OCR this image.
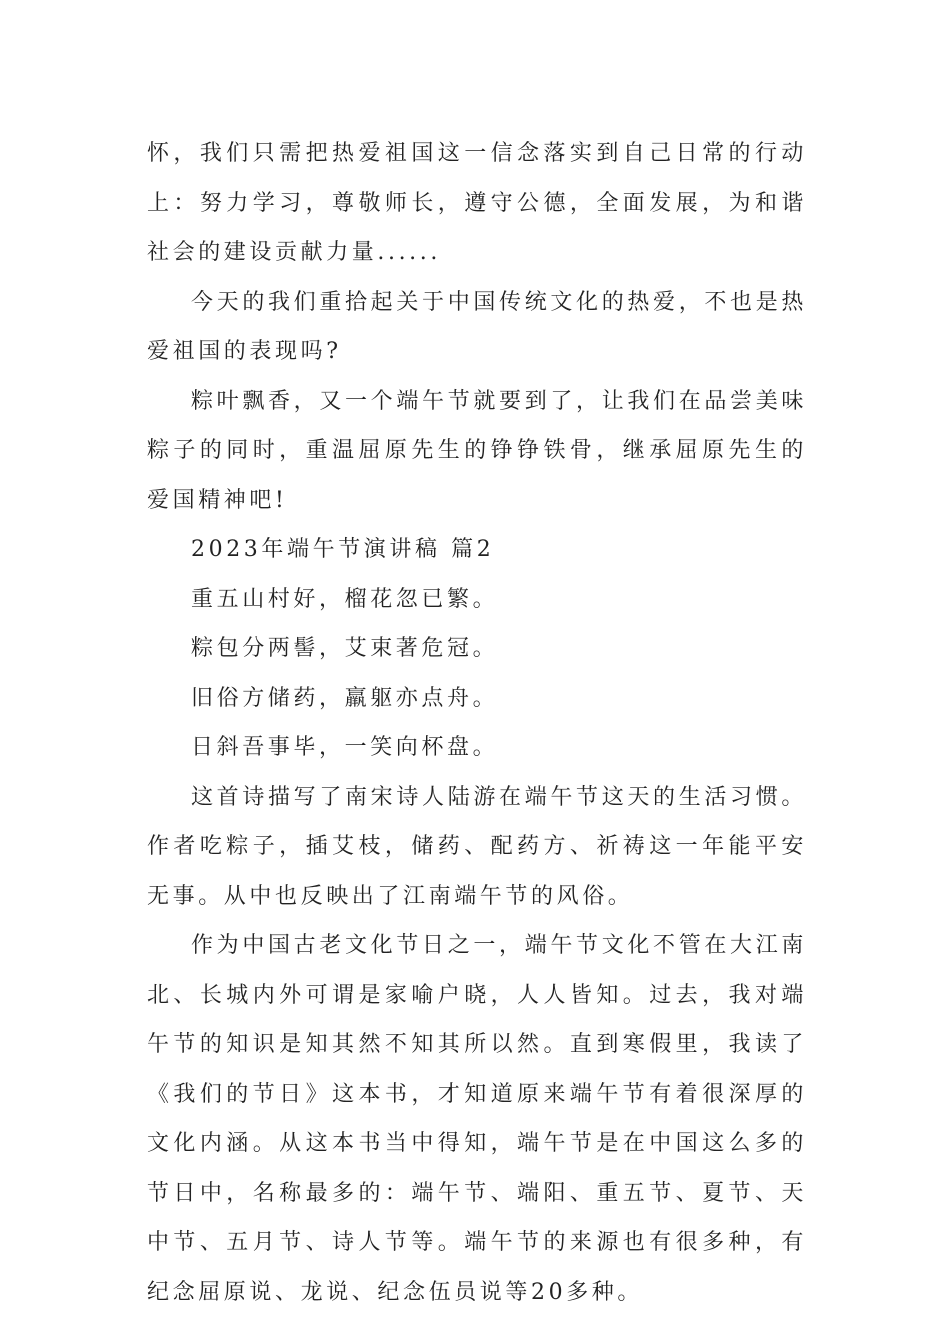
怀，我们只需把热爱祖国这一信念落实到自己日常的行动上：努力学习，尊敬师长，遵守公德，全面发展，为和谐社会的建设贡献力量......

今天的我们重拾起关于中国传统文化的热爱，不也是热爱祖国的表现吗?

粽叶飘香，又一个端午节就要到了，让我们在品尝美味粽子的同时，重温屈原先生的铮铮铁骨，继承屈原先生的爱国精神吧!

2023年端午节演讲稿 篇2

重五山村好，榴花忽已繁。

粽包分两髻，艾束著危冠。

旧俗方储药，羸躯亦点舟。

日斜吾事毕，一笑向杯盘。

这首诗描写了南宋诗人陆游在端午节这天的生活习惯。作者吃粽子，插艾枝，储药、配药方、祈祷这一年能平安无事。从中也反映出了江南端午节的风俗。

作为中国古老文化节日之一，端午节文化不管在大江南北、长城内外可谓是家喻户晓，人人皆知。过去，我对端午节的知识是知其然不知其所以然。直到寒假里，我读了《我们的节日》这本书，才知道原来端午节有着很深厚的文化内涵。从这本书当中得知，端午节是在中国这么多的节日中，名称最多的：端午节、端阳、重五节、夏节、天中节、五月节、诗人节等。端午节的来源也有很多种，有纪念屈原说、龙说、纪念伍员说等20多种。
